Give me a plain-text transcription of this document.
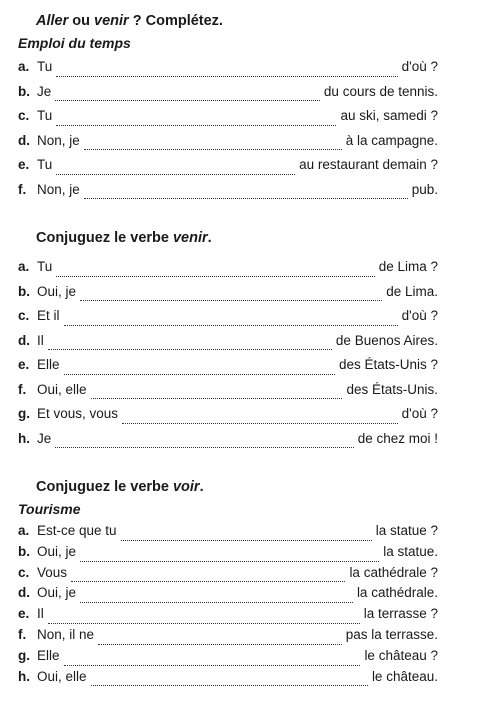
Aller ou venir ? Complétez.
Emploi du temps
a. Tu	d'où ?
b. Je	du cours de tennis.
c. Tu	au ski, samedi ?
d. Non, je	à la campagne.
e. Tu	au restaurant demain ?
f. Non, je	pub.
Conjuguez le verbe venir.
a. Tu	de Lima ?
b. Oui, je	de Lima.
c. Et il	d'où ?
d. Il	de Buenos Aires.
e. Elle	des États-Unis ?
f. Oui, elle	des États-Unis.
g. Et vous, vous	d'où ?
h. Je	de chez moi !
Conjuguez le verbe voir.
Tourisme
a. Est-ce que tu	la statue ?
b. Oui, je	la statue.
c. Vous	la cathédrale ?
d. Oui, je	la cathédrale.
e. Il	la terrasse ?
f. Non, il ne	pas la terrasse.
g. Elle	le château ?
h. Oui, elle	le château.
